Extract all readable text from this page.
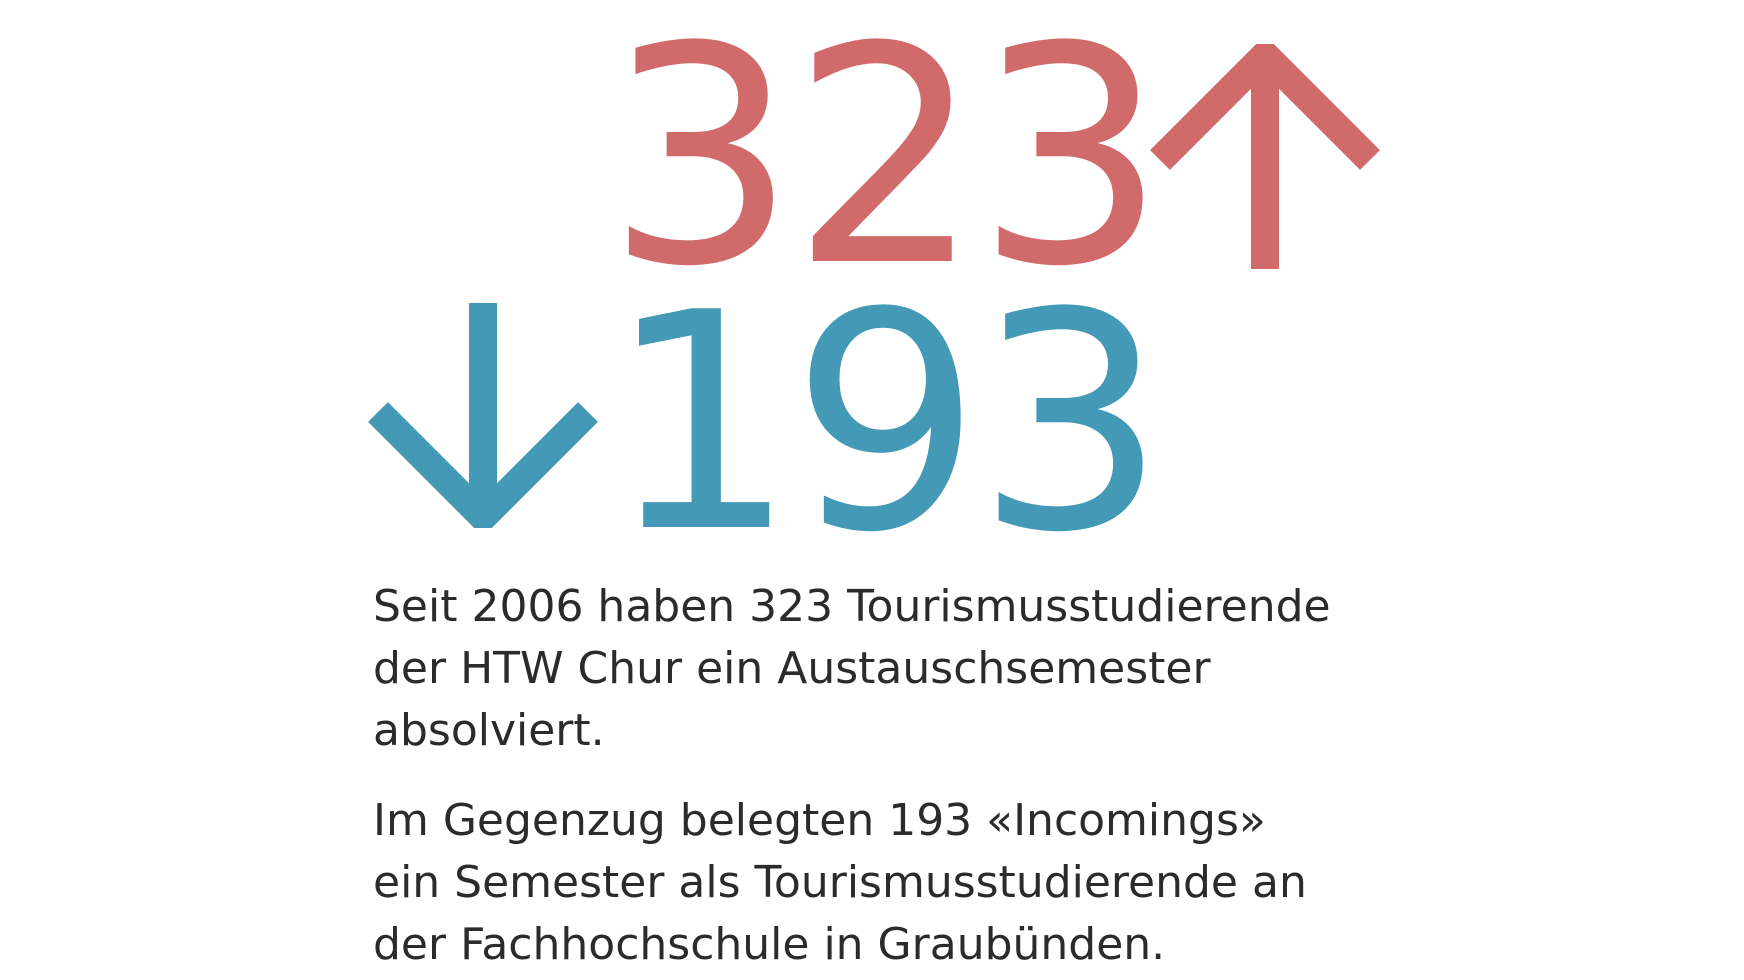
323
193

Seit 2006 haben 323 Tourismusstudierende
der HTW Chur ein Austauschsemester
absolviert.

Im Gegenzug belegten 193 «Incomings»
ein Semester als Tourismusstudierende an
der Fachhochschule in Graubünden.
